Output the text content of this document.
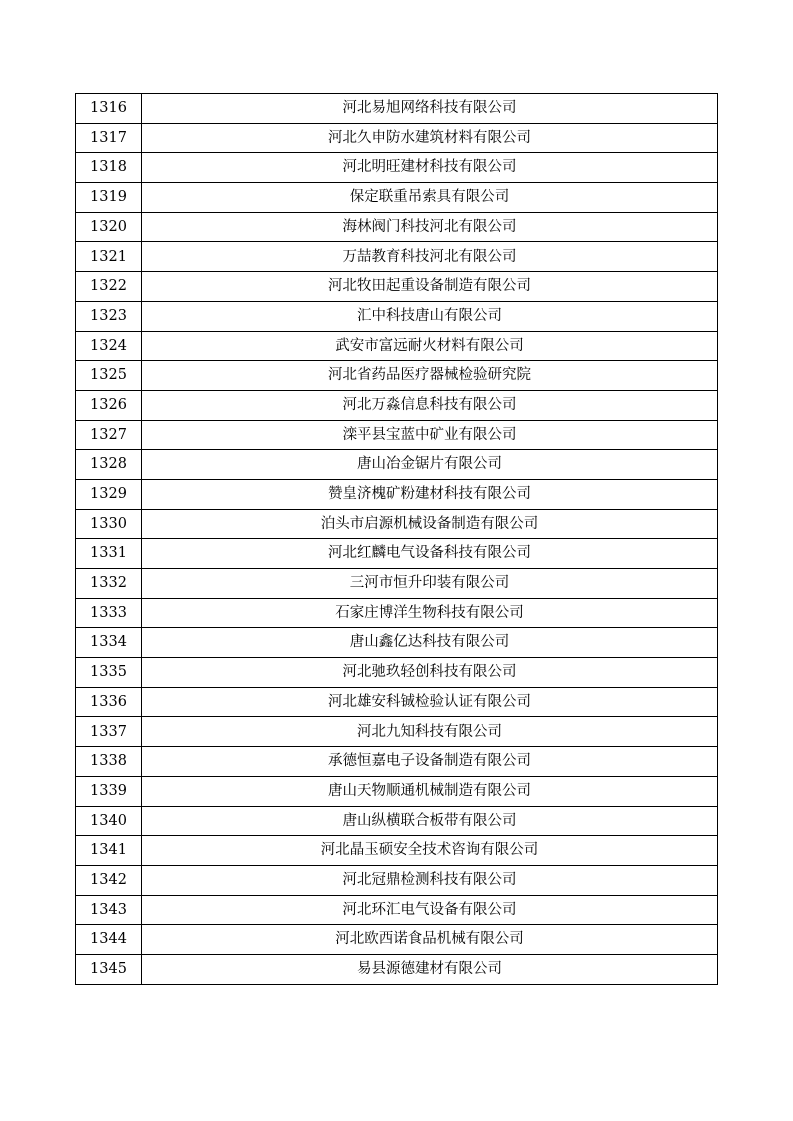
1316	河北易旭网络科技有限公司
1317	河北久申防水建筑材料有限公司
1318	河北明旺建材科技有限公司
1319	保定联重吊索具有限公司
1320	海林阀门科技河北有限公司
1321	万喆教育科技河北有限公司
1322	河北牧田起重设备制造有限公司
1323	汇中科技唐山有限公司
1324	武安市富远耐火材料有限公司
1325	河北省药品医疗器械检验研究院
1326	河北万淼信息科技有限公司
1327	滦平县宝蓝中矿业有限公司
1328	唐山冶金锯片有限公司
1329	赞皇济槐矿粉建材科技有限公司
1330	泊头市启源机械设备制造有限公司
1331	河北红麟电气设备科技有限公司
1332	三河市恒升印装有限公司
1333	石家庄博洋生物科技有限公司
1334	唐山鑫亿达科技有限公司
1335	河北驰玖轻创科技有限公司
1336	河北雄安科铖检验认证有限公司
1337	河北九知科技有限公司
1338	承德恒嘉电子设备制造有限公司
1339	唐山天物顺通机械制造有限公司
1340	唐山纵横联合板带有限公司
1341	河北晶玉硕安全技术咨询有限公司
1342	河北冠鼎检测科技有限公司
1343	河北环汇电气设备有限公司
1344	河北欧西诺食品机械有限公司
1345	易县源德建材有限公司
